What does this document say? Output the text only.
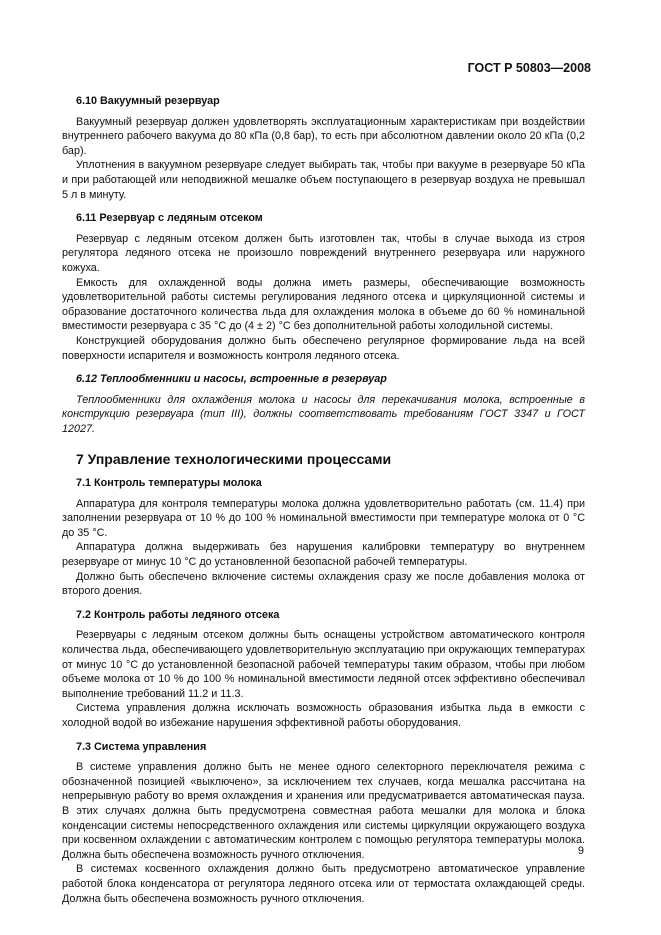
ГОСТ Р 50803—2008
6.10 Вакуумный резервуар

Вакуумный резервуар должен удовлетворять эксплуатационным характеристикам при воздействии внутреннего рабочего вакуума до 80 кПа (0,8 бар), то есть при абсолютном давлении около 20 кПа (0,2 бар).

Уплотнения в вакуумном резервуаре следует выбирать так, чтобы при вакууме в резервуаре 50 кПа и при работающей или неподвижной мешалке объем поступающего в резервуар воздуха не превышал 5 л в минуту.

6.11 Резервуар с ледяным отсеком

Резервуар с ледяным отсеком должен быть изготовлен так, чтобы в случае выхода из строя регулятора ледяного отсека не произошло повреждений внутреннего резервуара или наружного кожуха.

Емкость для охлажденной воды должна иметь размеры, обеспечивающие возможность удовлетворительной работы системы регулирования ледяного отсека и циркуляционной системы и образование достаточного количества льда для охлаждения молока в объеме до 60 % номинальной вместимости резервуара с 35 °С до (4 ± 2) °С без дополнительной работы холодильной системы.

Конструкцией оборудования должно быть обеспечено регулярное формирование льда на всей поверхности испарителя и возможность контроля ледяного отсека.

6.12 Теплообменники и насосы, встроенные в резервуар

Теплообменники для охлаждения молока и насосы для перекачивания молока, встроенные в конструкцию резервуара (тип III), должны соответствовать требованиям ГОСТ 3347 и ГОСТ 12027.

7 Управление технологическими процессами
7.1 Контроль температуры молока

Аппаратура для контроля температуры молока должна удовлетворительно работать (см. 11.4) при заполнении резервуара от 10 % до 100 % номинальной вместимости при температуре молока от 0 °С до 35 °С.

Аппаратура должна выдерживать без нарушения калибровки температуру во внутреннем резервуаре от минус 10 °С до установленной безопасной рабочей температуры.

Должно быть обеспечено включение системы охлаждения сразу же после добавления молока от второго доения.

7.2 Контроль работы ледяного отсека

Резервуары с ледяным отсеком должны быть оснащены устройством автоматического контроля количества льда, обеспечивающего удовлетворительную эксплуатацию при окружающих температурах от минус 10 °С до установленной безопасной рабочей температуры таким образом, чтобы при любом объеме молока от 10 % до 100 % номинальной вместимости ледяной отсек эффективно обеспечивал выполнение требований 11.2 и 11.3.

Система управления должна исключать возможность образования избытка льда в емкости с холодной водой во избежание нарушения эффективной работы оборудования.

7.3 Система управления

В системе управления должно быть не менее одного селекторного переключателя режима с обозначенной позицией «выключено», за исключением тех случаев, когда мешалка рассчитана на непрерывную работу во время охлаждения и хранения или предусматривается автоматическая пауза. В этих случаях должна быть предусмотрена совместная работа мешалки для молока и блока конденсации системы непосредственного охлаждения или системы циркуляции окружающего воздуха при косвенном охлаждении с автоматическим контролем с помощью регулятора температуры молока. Должна быть обеспечена возможность ручного отключения.

В системах косвенного охлаждения должно быть предусмотрено автоматическое управление работой блока конденсатора от регулятора ледяного отсека или от термостата охлаждающей среды. Должна быть обеспечена возможность ручного отключения.

9
